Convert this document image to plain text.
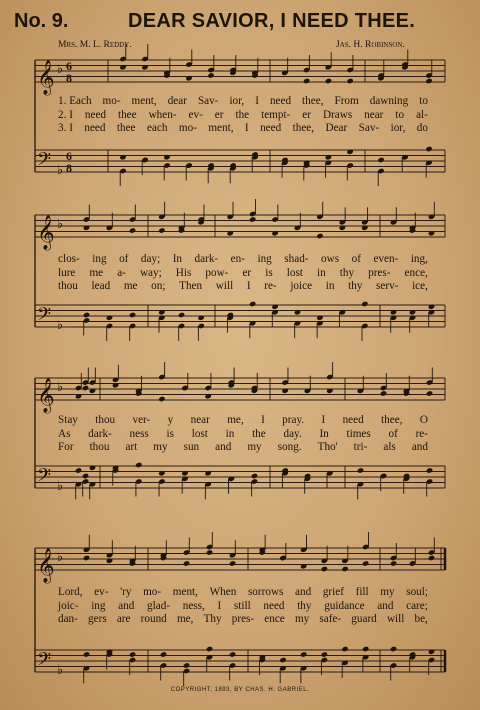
No. 9.	DEAR SAVIOR, I NEED THEE.
Mrs. M. L. Reddy.	Jas. H. Robinson.
𝄞
𝄢
♭
♭
6
8
6
8
𝄞
𝄢
♭
♭
𝄞
𝄢
♭
♭
𝄞
𝄢
♭
♭
1. Each mo- ment, dear Sav- ior, I need thee, From dawning to
2. I need thee when- ev- er the tempt- er Draws near to al-
3. I need thee each mo- ment, I need thee, Dear Sav- ior, do
clos- ing of day; In dark- en- ing shad- ows of even- ing,
lure me a- way; His pow- er is lost in thy pres- ence,
thou lead me on; Then will I re- joice in thy serv- ice,
Stay thou ver- y near me, I pray. I need thee, O
As dark- ness is lost in the day. In times of re-
For thou art my sun and my song. Tho' tri- als and
Lord, ev- 'ry mo- ment, When sorrows and grief fill my soul;
joic- ing and glad- ness, I still need thy guidance and care;
dan- gers are round me, Thy pres- ence my safe- guard will be,
COPYRIGHT, 1893, BY CHAS. H. GABRIEL.
